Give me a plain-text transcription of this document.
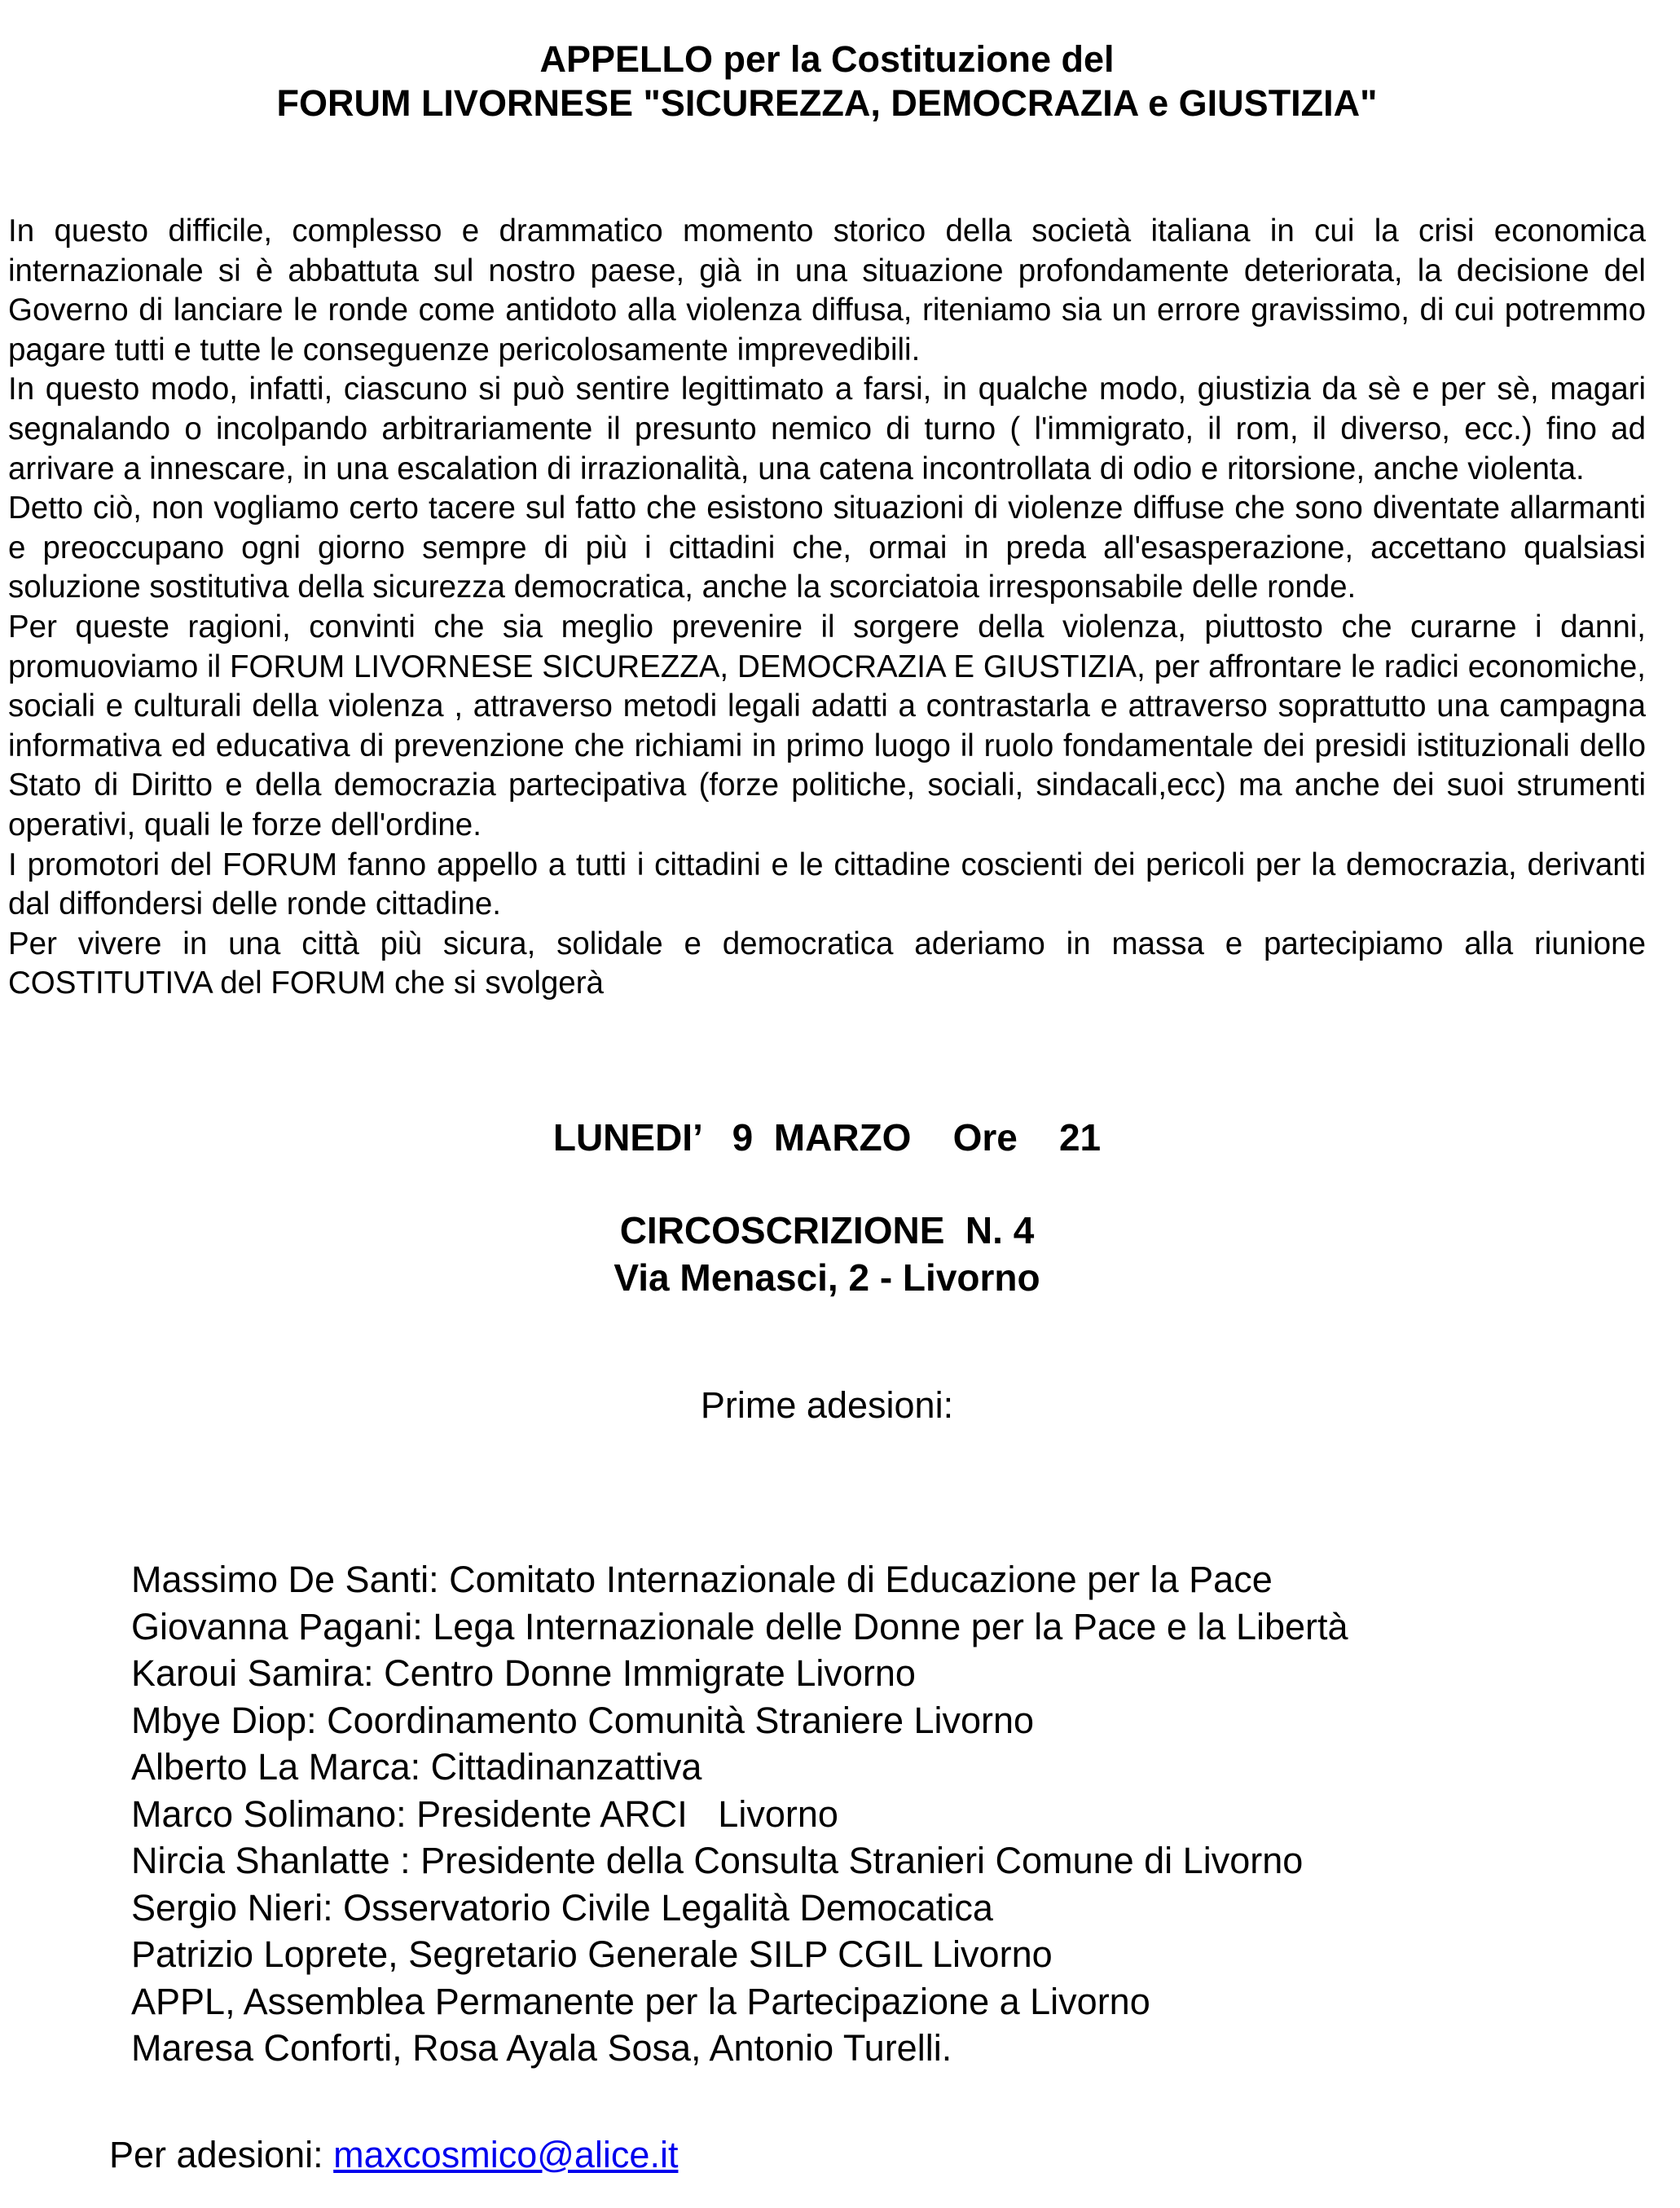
APPELLO per la Costituzione del
FORUM LIVORNESE "SICUREZZA, DEMOCRAZIA e GIUSTIZIA"

In questo difficile, complesso e drammatico momento storico della società italiana in cui la crisi economica internazionale si è abbattuta sul nostro paese, già in una situazione profondamente deteriorata, la decisione del Governo di lanciare le ronde come antidoto alla violenza diffusa, riteniamo sia un errore gravissimo, di cui potremmo pagare tutti e tutte le conseguenze pericolosamente imprevedibili.

In questo modo, infatti, ciascuno si può sentire legittimato a farsi, in qualche modo, giustizia da sè e per sè, magari segnalando o incolpando arbitrariamente il presunto nemico di turno ( l'immigrato, il rom, il diverso, ecc.) fino ad arrivare a innescare, in una escalation di irrazionalità, una catena incontrollata di odio e ritorsione, anche violenta.

Detto ciò, non vogliamo certo tacere sul fatto che esistono situazioni di violenze diffuse che sono diventate allarmanti e preoccupano ogni giorno sempre di più i cittadini che, ormai in preda all'esasperazione, accettano qualsiasi soluzione sostitutiva della sicurezza democratica, anche la scorciatoia irresponsabile delle ronde.

Per queste ragioni, convinti che sia meglio prevenire il sorgere della violenza, piuttosto che curarne i danni, promuoviamo il FORUM LIVORNESE SICUREZZA, DEMOCRAZIA E GIUSTIZIA, per affrontare le radici economiche, sociali e culturali della violenza , attraverso metodi legali adatti a contrastarla e attraverso soprattutto una campagna informativa ed educativa di prevenzione che richiami in primo luogo il ruolo fondamentale dei presidi istituzionali dello Stato di Diritto e della democrazia partecipativa (forze politiche, sociali, sindacali,ecc) ma anche dei suoi strumenti operativi, quali le forze dell'ordine.

I promotori del FORUM fanno appello a tutti i cittadini e le cittadine coscienti dei pericoli per la democrazia, derivanti dal diffondersi delle ronde cittadine.

Per vivere in una città più sicura, solidale e democratica aderiamo in massa e partecipiamo alla riunione COSTITUTIVA del FORUM che si svolgerà

LUNEDI’   9  MARZO    Ore    21
CIRCOSCRIZIONE  N. 4
Via Menasci, 2 - Livorno
Prime adesioni:
Massimo De Santi: Comitato Internazionale di Educazione per la Pace
Giovanna Pagani: Lega Internazionale delle Donne per la Pace e la Libertà
Karoui Samira: Centro Donne Immigrate Livorno
Mbye Diop: Coordinamento Comunità Straniere Livorno
Alberto La Marca: Cittadinanzattiva
Marco Solimano: Presidente ARCI   Livorno
Nircia Shanlatte : Presidente della Consulta Stranieri Comune di Livorno
Sergio Nieri: Osservatorio Civile Legalità Democatica
Patrizio Loprete, Segretario Generale SILP CGIL Livorno
APPL, Assemblea Permanente per la Partecipazione a Livorno
Maresa Conforti, Rosa Ayala Sosa, Antonio Turelli.
Per adesioni: maxcosmico@alice.it
